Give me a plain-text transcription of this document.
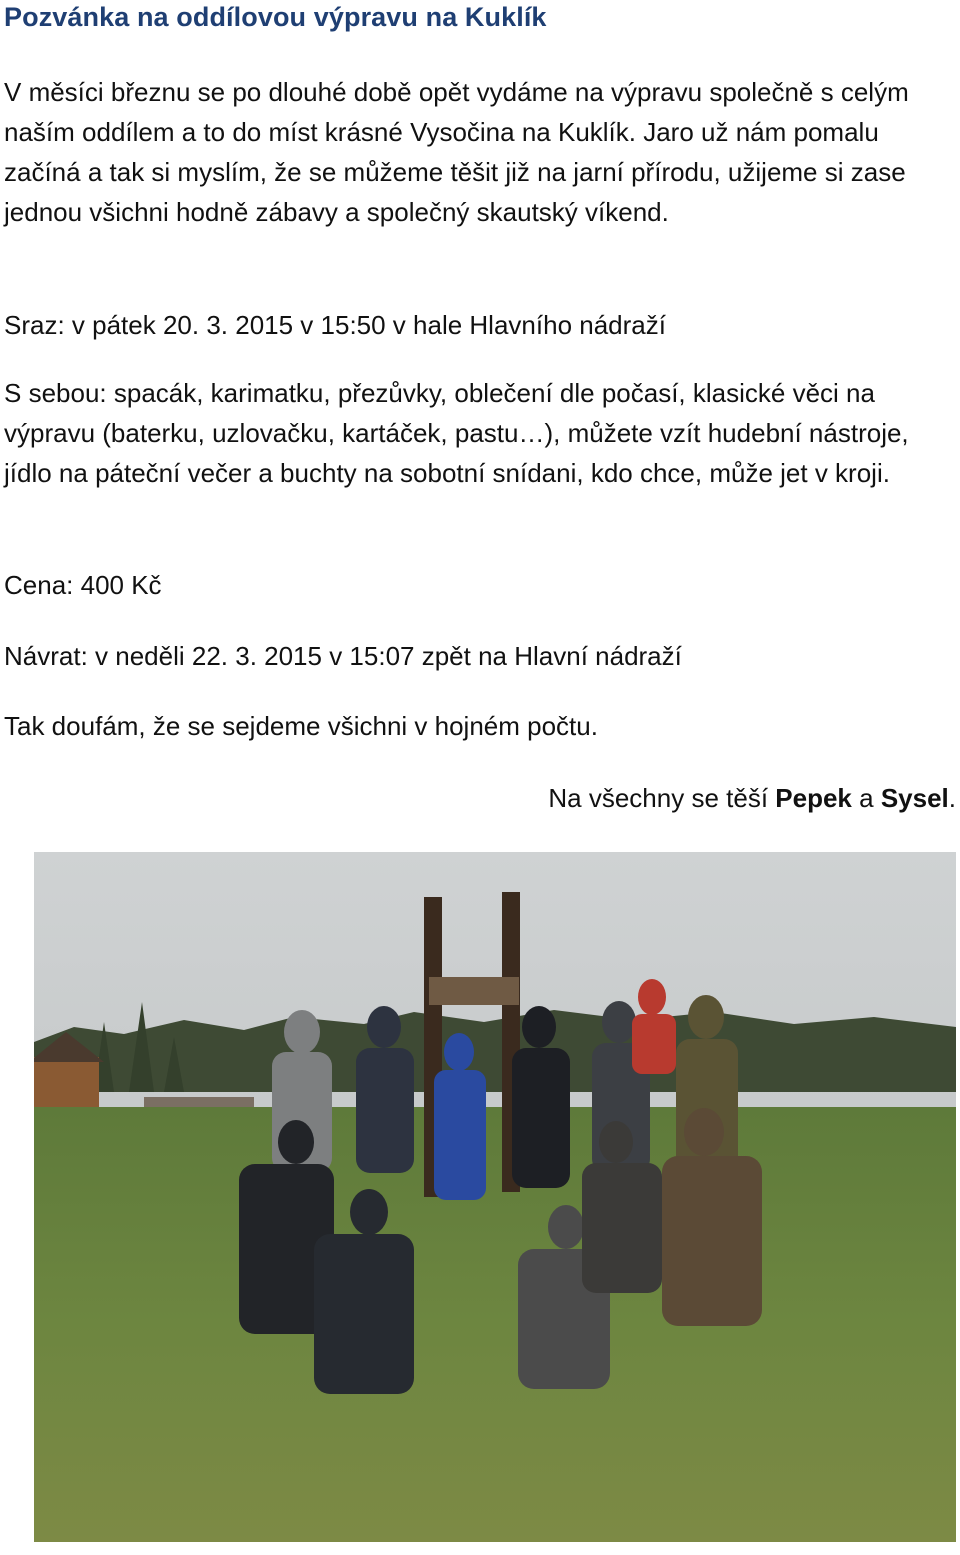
Pozvánka na oddílovou výpravu na Kuklík

V měsíci březnu se po dlouhé době opět vydáme na výpravu společně s celým naším oddílem a to do míst krásné Vysočina na Kuklík. Jaro už nám pomalu začíná a tak si myslím, že se můžeme těšit již na jarní přírodu, užijeme si zase jednou všichni hodně zábavy a společný skautský víkend.

Sraz: v pátek 20. 3. 2015 v 15:50 v hale Hlavního nádraží

S sebou: spacák, karimatku, přezůvky, oblečení dle počasí, klasické věci na výpravu (baterku, uzlovačku, kartáček, pastu…), můžete vzít hudební nástroje, jídlo na páteční večer a buchty na sobotní snídani, kdo chce, může jet v kroji.

Cena: 400 Kč

Návrat: v neděli 22. 3. 2015 v 15:07 zpět na Hlavní nádraží

Tak doufám, že se sejdeme všichni v hojném počtu.

Na všechny se těší Pepek a Sysel.
